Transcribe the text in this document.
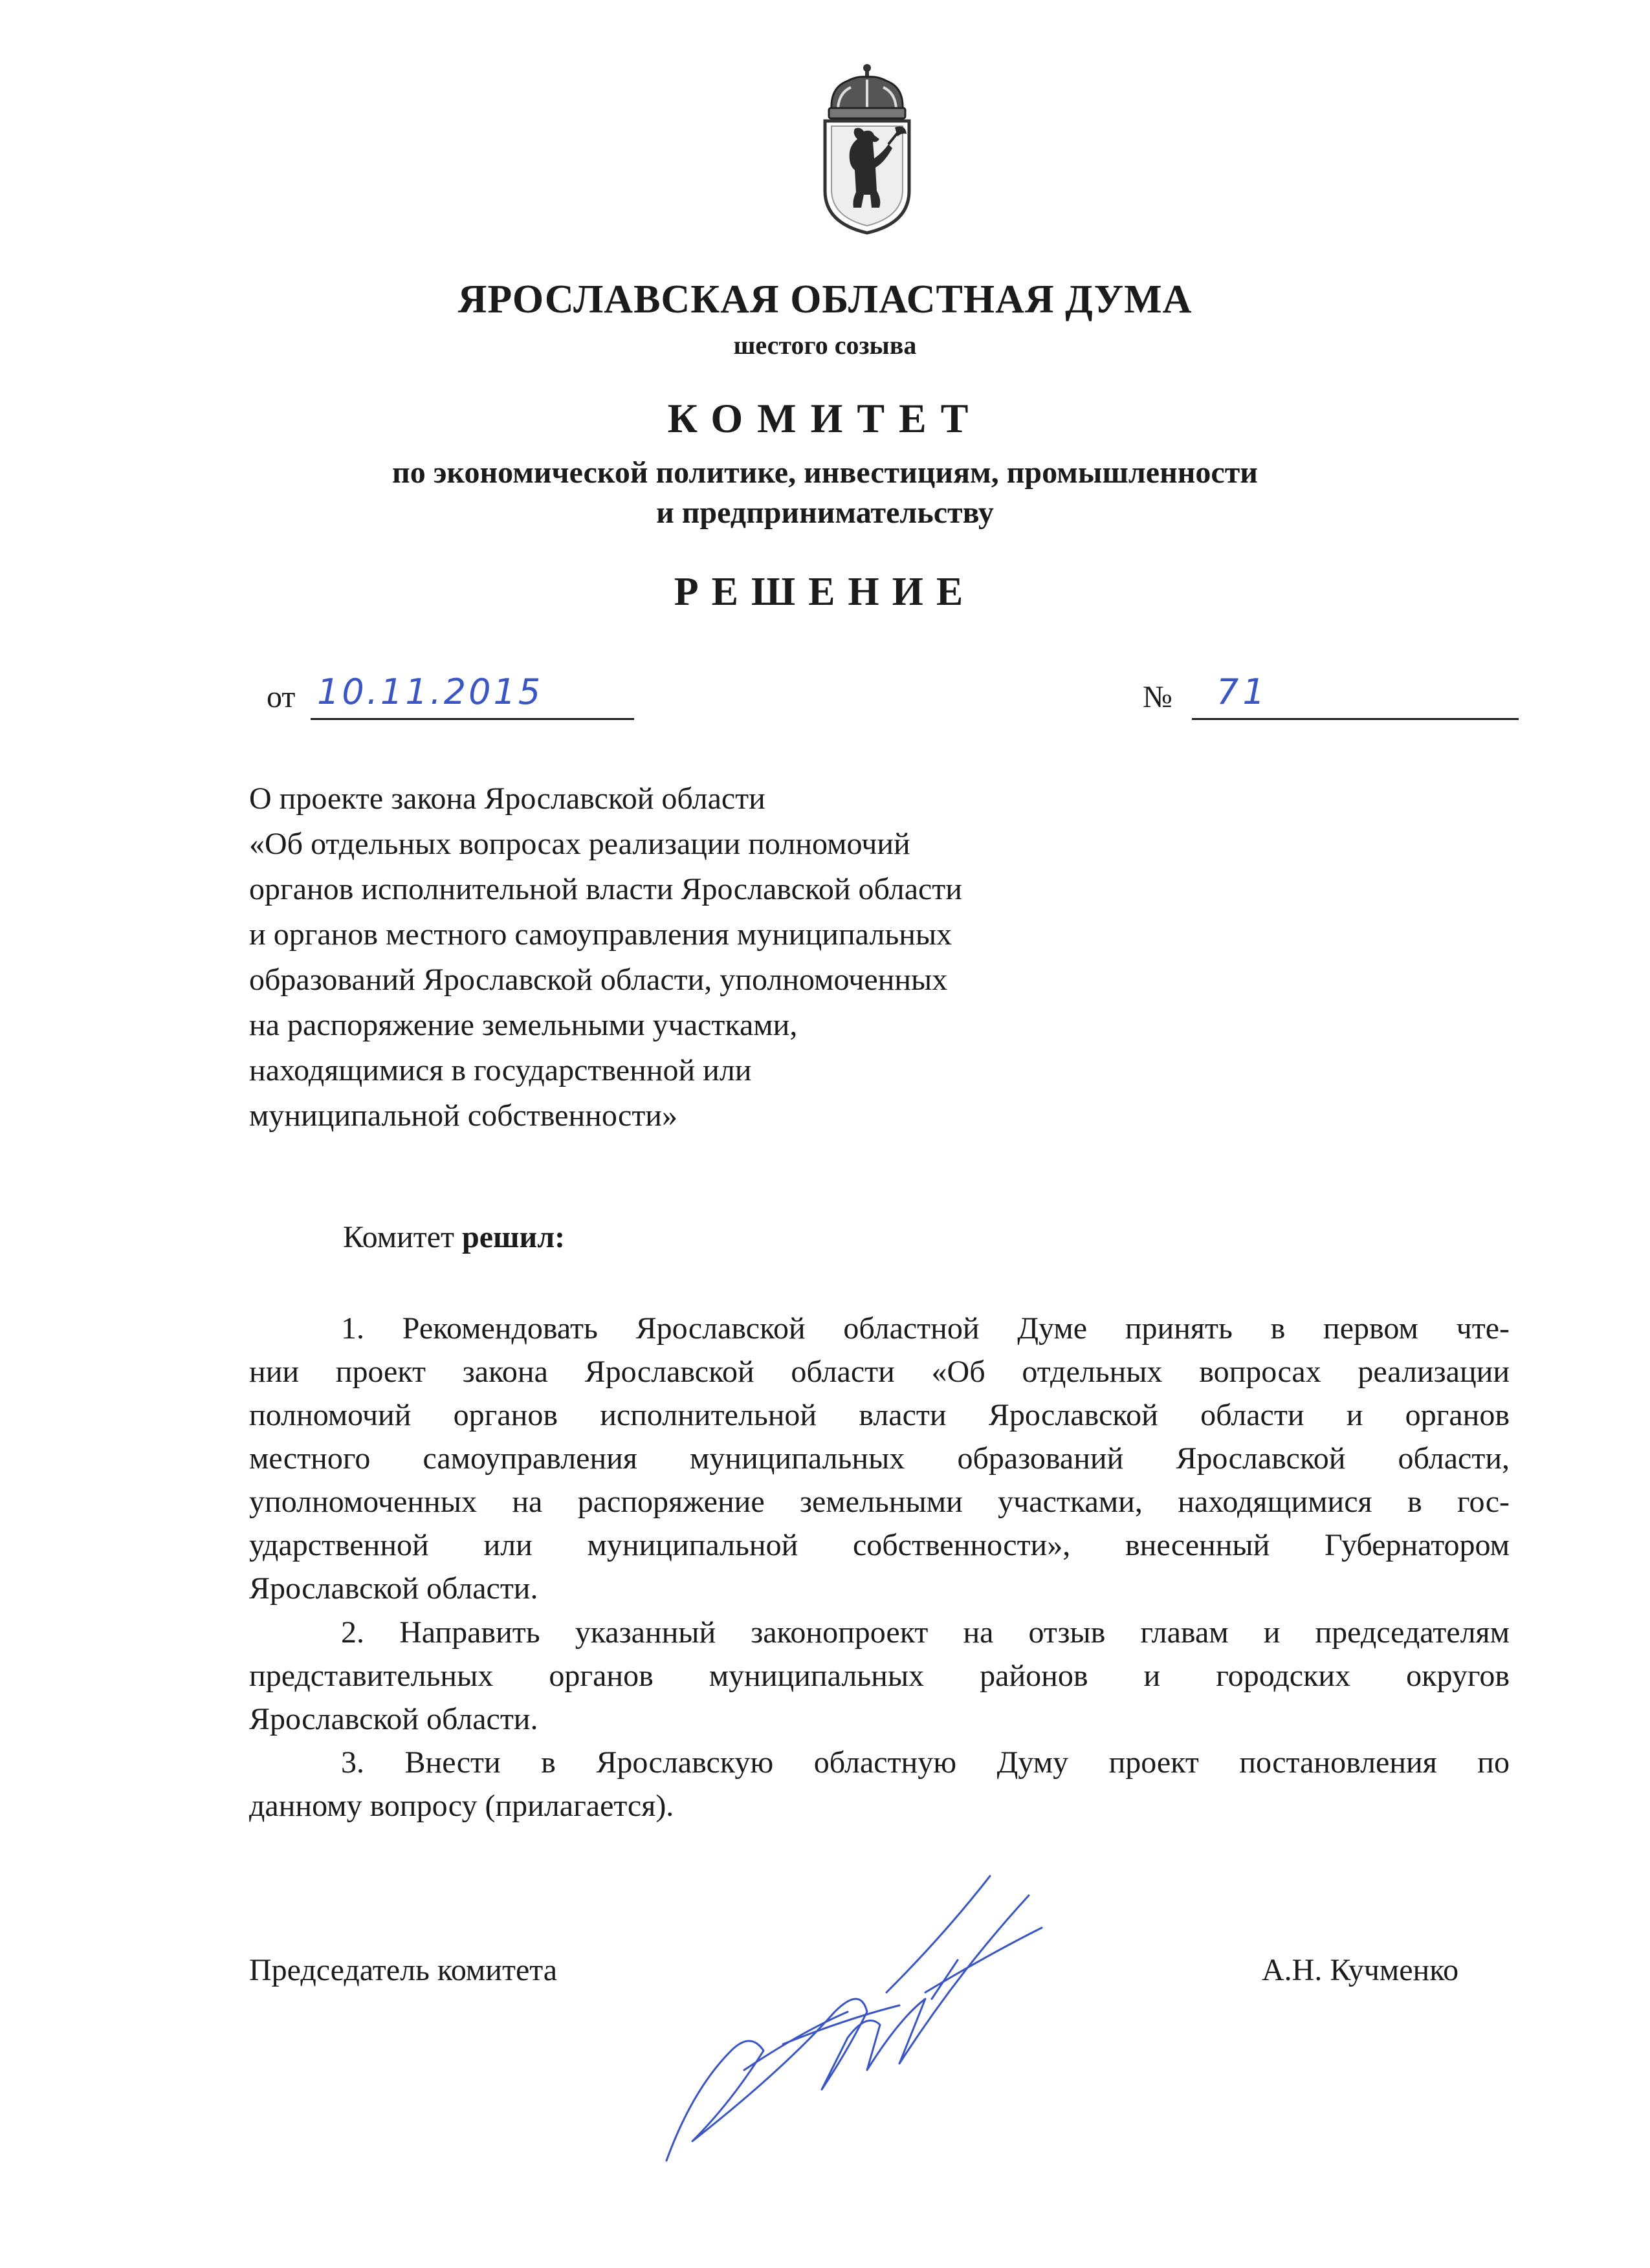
ЯРОСЛАВСКАЯ ОБЛАСТНАЯ ДУМА
шестого созыва
КОМИТЕТ
по экономической политике, инвестициям, промышленности
и предпринимательству
РЕШЕНИЕ
от 10.11.2015	№ 71
О проекте закона Ярославской области
«Об отдельных вопросах реализации полномочий
органов исполнительной власти Ярославской области
и органов местного самоуправления муниципальных
образований Ярославской области, уполномоченных
на распоряжение земельными участками,
находящимися в государственной или
муниципальной собственности»
Комитет решил:
1. Рекомендовать Ярославской областной Думе принять в первом чте-
нии проект закона Ярославской области «Об отдельных вопросах реализации
полномочий органов исполнительной власти Ярославской области и органов
местного самоуправления муниципальных образований Ярославской области,
уполномоченных на распоряжение земельными участками, находящимися в гос-
ударственной или муниципальной собственности», внесенный Губернатором
Ярославской области.
2. Направить указанный законопроект на отзыв главам и председателям
представительных органов муниципальных районов и городских округов
Ярославской области.
3. Внести в Ярославскую областную Думу проект постановления по
данному вопросу (прилагается).
Председатель комитета	А.Н. Кучменко
